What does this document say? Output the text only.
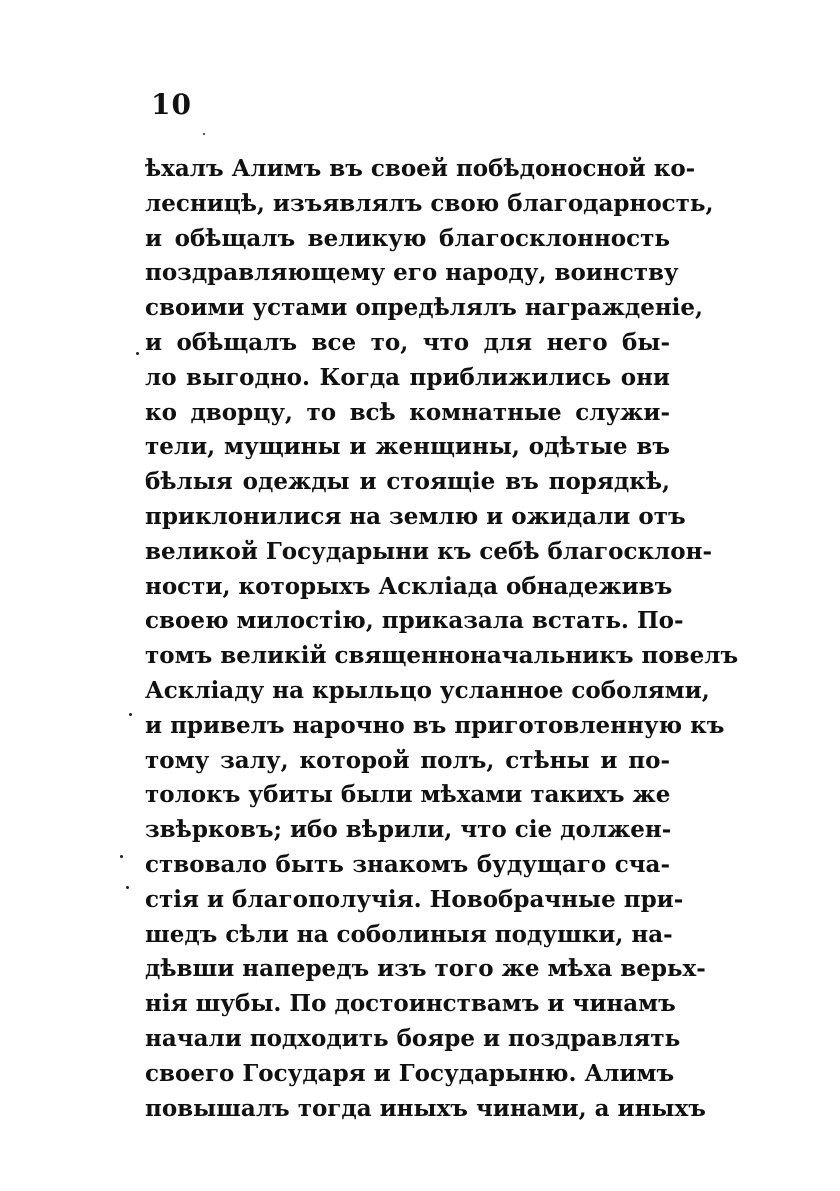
10
ѣхалъ Алимъ въ своей побѣдоносной ко-
лесницѣ, изъявлялъ свою благодарность,
и обѣщалъ великую благосклонность
поздравляющему его народу, воинству
своими устами опредѣлялъ награжденіе,
и обѣщалъ все то, что для него бы-
ло выгодно. Когда приближились они
ко дворцу, то всѣ комнатные служи-
тели, мущины и женщины, одѣтые въ
бѣлыя одежды и стоящіе въ порядкѣ,
приклонилися на землю и ожидали отъ
великой Государыни къ себѣ благосклон-
ности, которыхъ Аскліада обнадеживъ
своею милостію, приказала встать. По-
томъ великій священноначальникъ повелъ
Аскліаду на крыльцо усланное соболями,
и привелъ нарочно въ приготовленную къ
тому залу, которой полъ, стѣны и по-
толокъ убиты были мѣхами такихъ же
звѣрковъ; ибо вѣрили, что сіе должен-
ствовало быть знакомъ будущаго сча-
стія и благополучія. Новобрачные при-
шедъ сѣли на соболиныя подушки, на-
дѣвши напередъ изъ того же мѣха верьх-
нія шубы. По достоинствамъ и чинамъ
начали подходить бояре и поздравлять
своего Государя и Государыню. Алимъ
повышалъ тогда иныхъ чинами, а иныхъ
